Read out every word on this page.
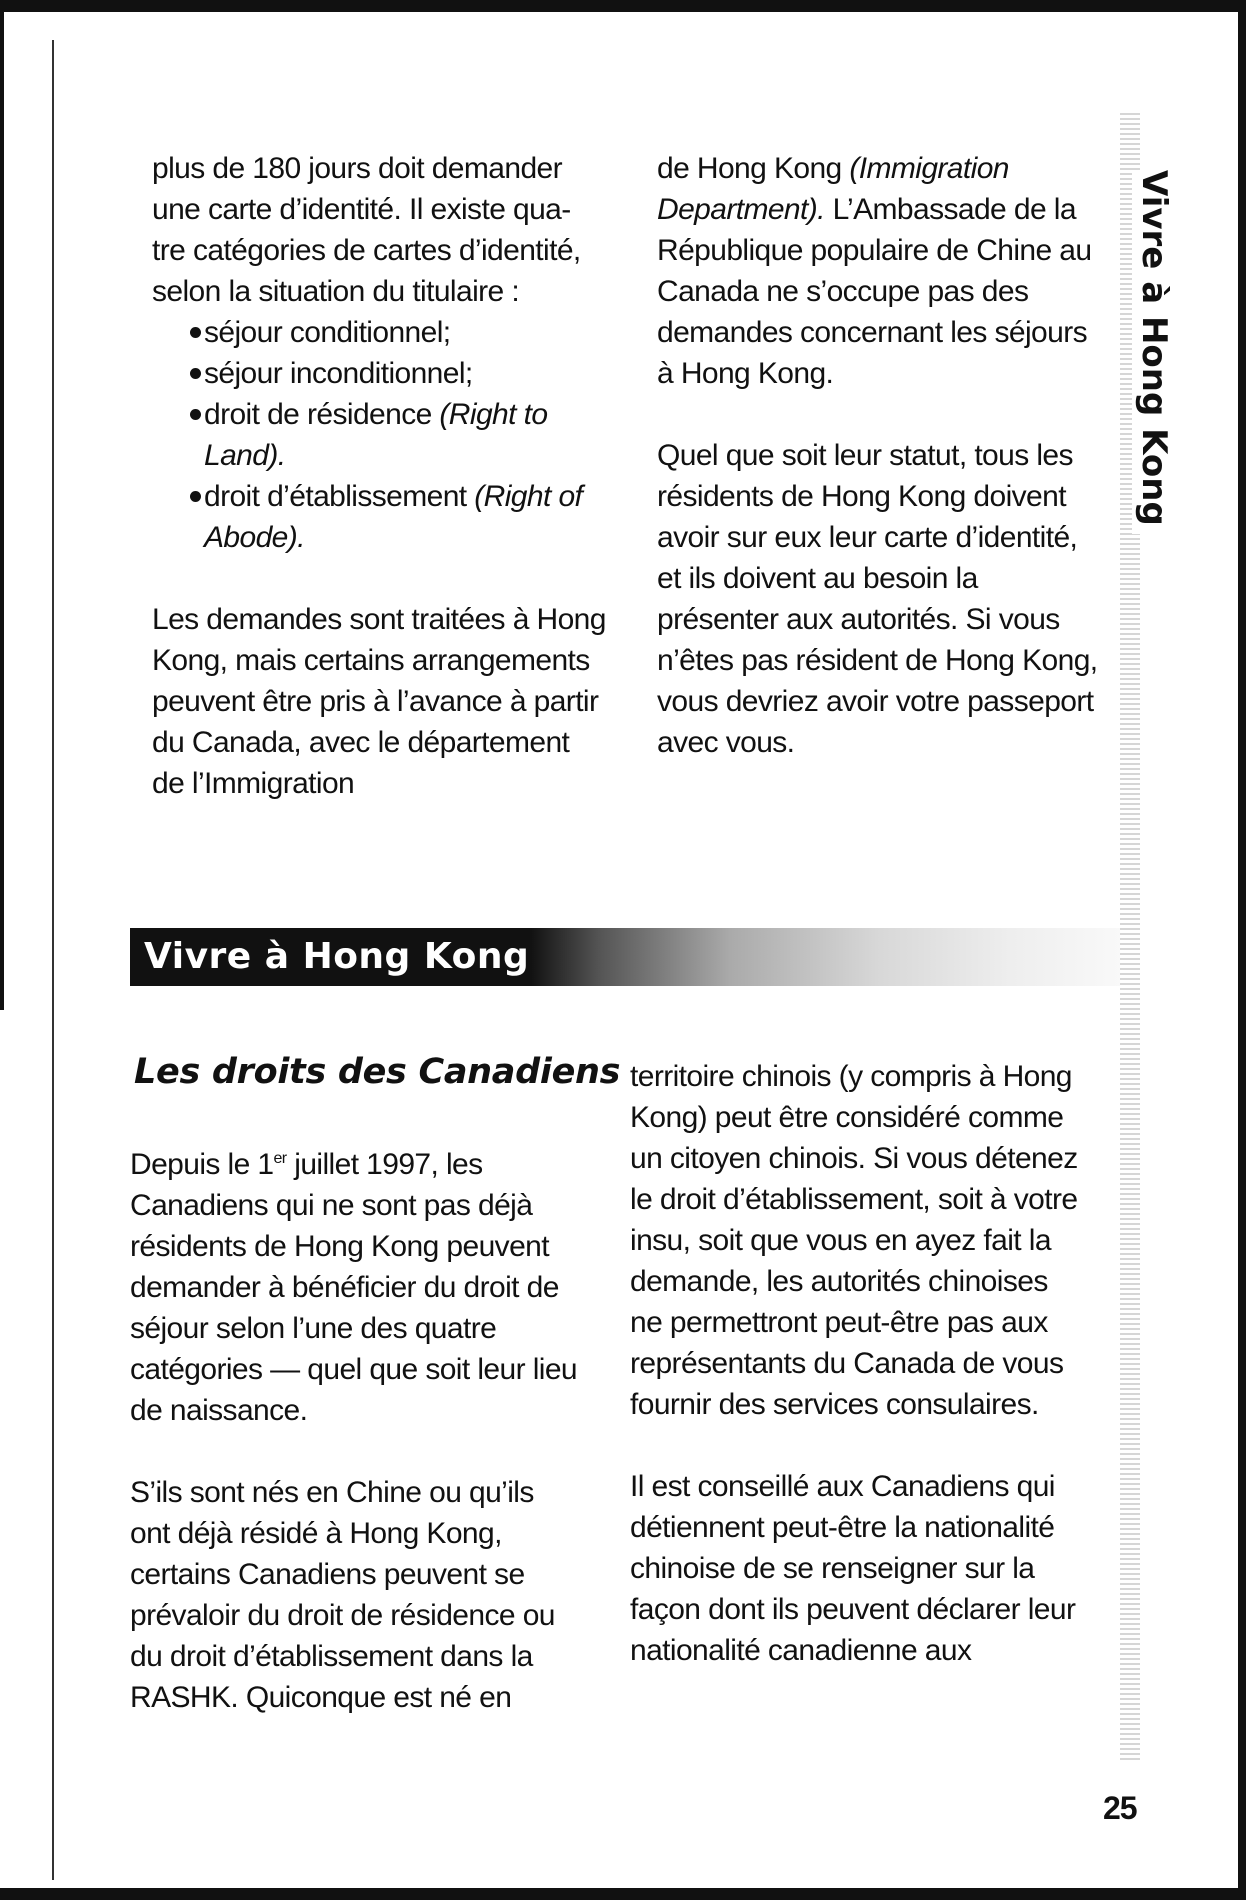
plus de 180 jours doit demander
une carte d’identité. Il existe qua-
tre catégories de cartes d’identité,
selon la situation du titulaire :

séjour conditionnel;
séjour inconditionnel;
droit de résidence (Right to Land).
droit d’établissement (Right of Abode).

Les demandes sont traitées à Hong Kong, mais certains arrangements peuvent être pris à l’avance à partir du Canada, avec le département de l’Immigration

de Hong Kong (Immigration Department). L’Ambassade de la République populaire de Chine au Canada ne s’occupe pas des demandes concernant les séjours à Hong Kong.

Quel que soit leur statut, tous les résidents de Hong Kong doivent avoir sur eux leur carte d’identité, et ils doivent au besoin la présenter aux autorités. Si vous n’êtes pas résident de Hong Kong, vous devriez avoir votre passeport avec vous.

Vivre à Hong Kong
Les droits des Canadiens

Depuis le 1er juillet 1997, les Canadiens qui ne sont pas déjà résidents de Hong Kong peuvent demander à bénéficier du droit de séjour selon l’une des quatre catégories — quel que soit leur lieu de naissance.

S’ils sont nés en Chine ou qu’ils ont déjà résidé à Hong Kong, certains Canadiens peuvent se prévaloir du droit de résidence ou du droit d’établissement dans la RASHK. Quiconque est né en

territoire chinois (y compris à Hong Kong) peut être considéré comme un citoyen chinois. Si vous détenez le droit d’établissement, soit à votre insu, soit que vous en ayez fait la demande, les autorités chinoises ne permettront peut-être pas aux représentants du Canada de vous fournir des services consulaires.

Il est conseillé aux Canadiens qui détiennent peut-être la nationalité chinoise de se renseigner sur la façon dont ils peuvent déclarer leur nationalité canadienne aux

Vivre à Hong Kong
25
